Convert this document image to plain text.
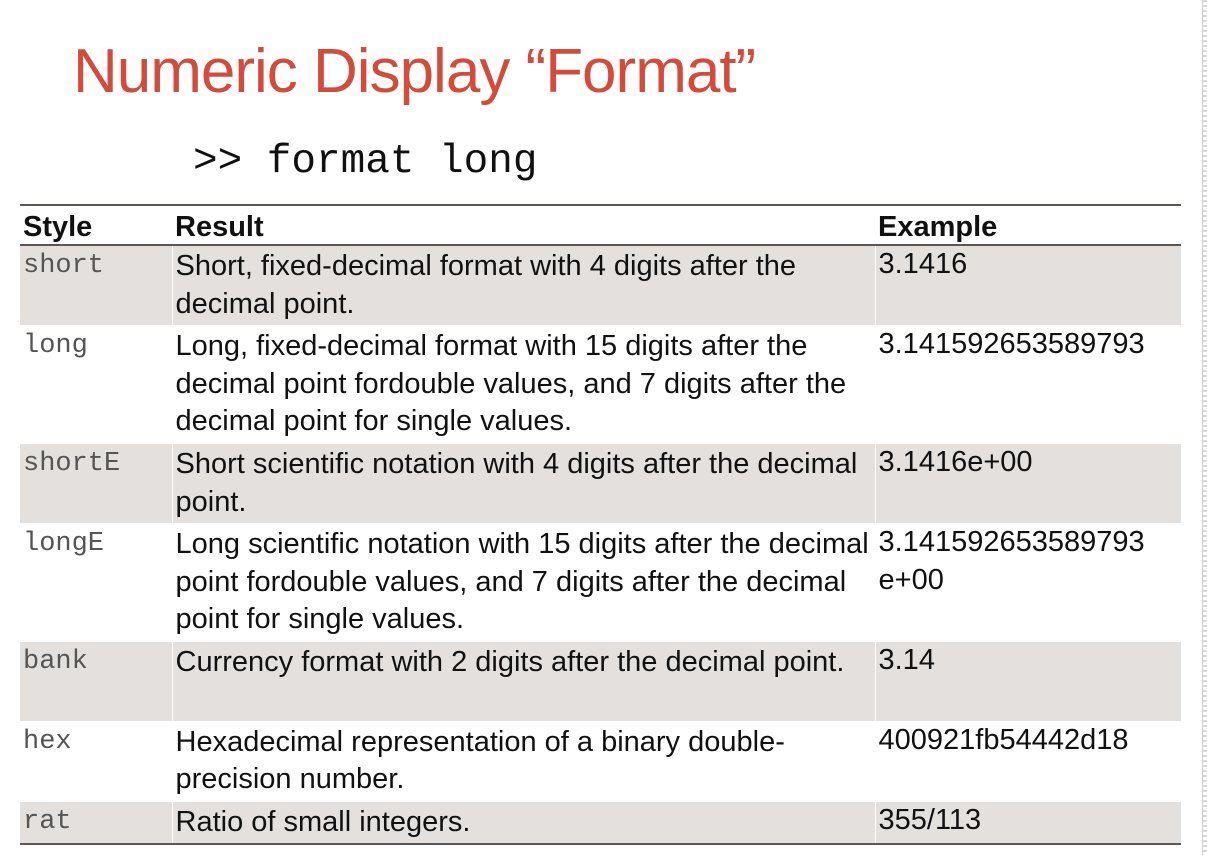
Numeric Display “Format”
>> format long
Style	Result	Example
short	Short, fixed-decimal format with 4 digits after the decimal point.	3.1416
long	Long, fixed-decimal format with 15 digits after the decimal point fordouble values, and 7 digits after the decimal point for single values.	3.141592653589793
shortE	Short scientific notation with 4 digits after the decimal point.	3.1416e+00
longE	Long scientific notation with 15 digits after the decimal point fordouble values, and 7 digits after the decimal point for single values.	3.141592653589793 e+00
bank	Currency format with 2 digits after the decimal point.	3.14
hex	Hexadecimal representation of a binary double-precision number.	400921fb54442d18
rat	Ratio of small integers.	355/113
